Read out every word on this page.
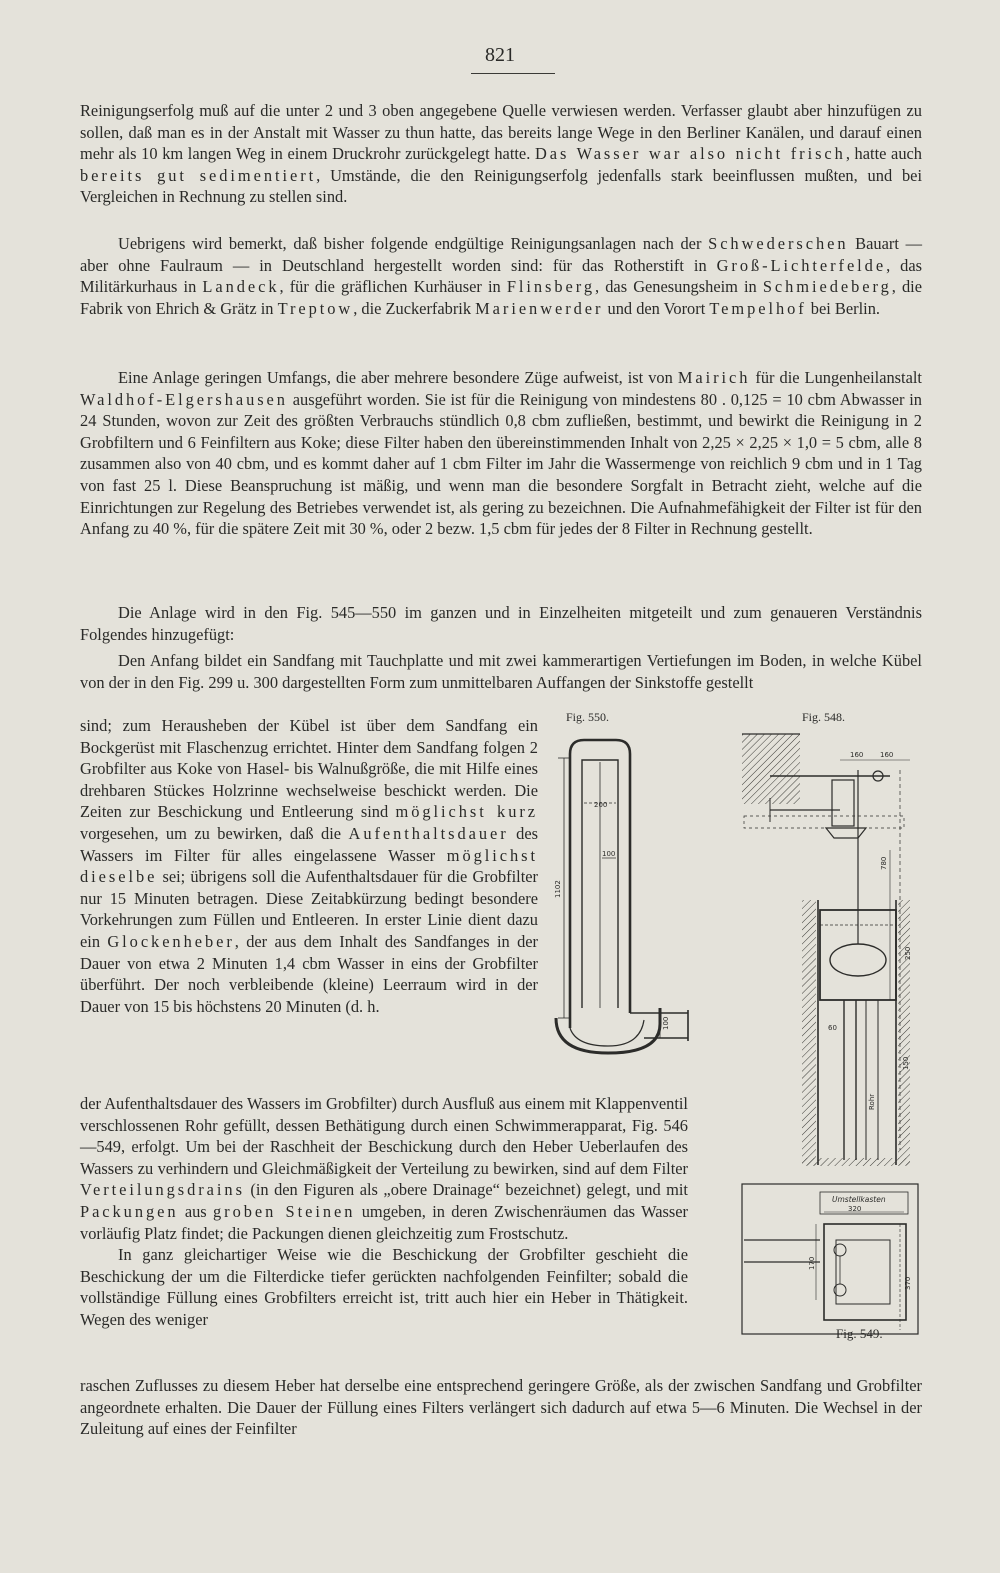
821

Reinigungserfolg muß auf die unter 2 und 3 oben angegebene Quelle verwiesen werden. Verfasser glaubt aber hinzufügen zu sollen, daß man es in der Anstalt mit Wasser zu thun hatte, das bereits lange Wege in den Berliner Kanälen, und darauf einen mehr als 10 km langen Weg in einem Druckrohr zurückgelegt hatte. Das Wasser war also nicht frisch, hatte auch bereits gut sedimentiert, Umstände, die den Reinigungserfolg jedenfalls stark beeinflussen mußten, und bei Vergleichen in Rechnung zu stellen sind.

Uebrigens wird bemerkt, daß bisher folgende endgültige Reinigungsanlagen nach der Schwederschen Bauart — aber ohne Faulraum — in Deutschland hergestellt worden sind: für das Rotherstift in Groß-Lichterfelde, das Militärkurhaus in Landeck, für die gräflichen Kurhäuser in Flinsberg, das Genesungsheim in Schmiedeberg, die Fabrik von Ehrich & Grätz in Treptow, die Zuckerfabrik Marienwerder und den Vorort Tempelhof bei Berlin.

Eine Anlage geringen Umfangs, die aber mehrere besondere Züge aufweist, ist von Mairich für die Lungenheilanstalt Waldhof-Elgershausen ausgeführt worden. Sie ist für die Reinigung von mindestens 80 . 0,125 = 10 cbm Abwasser in 24 Stunden, wovon zur Zeit des größten Verbrauchs stündlich 0,8 cbm zufließen, bestimmt, und bewirkt die Reinigung in 2 Grobfiltern und 6 Feinfiltern aus Koke; diese Filter haben den übereinstimmenden Inhalt von 2,25 × 2,25 × 1,0 = 5 cbm, alle 8 zusammen also von 40 cbm, und es kommt daher auf 1 cbm Filter im Jahr die Wassermenge von reichlich 9 cbm und in 1 Tag von fast 25 l. Diese Beanspruchung ist mäßig, und wenn man die besondere Sorgfalt in Betracht zieht, welche auf die Einrichtungen zur Regelung des Betriebes verwendet ist, als gering zu bezeichnen. Die Aufnahmefähigkeit der Filter ist für den Anfang zu 40 %, für die spätere Zeit mit 30 %, oder 2 bezw. 1,5 cbm für jedes der 8 Filter in Rechnung gestellt.

Die Anlage wird in den Fig. 545—550 im ganzen und in Einzelheiten mitgeteilt und zum genaueren Verständnis Folgendes hinzugefügt:

Den Anfang bildet ein Sandfang mit Tauchplatte und mit zwei kammerartigen Vertiefungen im Boden, in welche Kübel von der in den Fig. 299 u. 300 dargestellten Form zum unmittelbaren Auffangen der Sinkstoffe gestellt

sind; zum Herausheben der Kübel ist über dem Sandfang ein Bockgerüst mit Flaschenzug errichtet. Hinter dem Sandfang folgen 2 Grobfilter aus Koke von Hasel- bis Walnußgröße, die mit Hilfe eines drehbaren Stückes Holzrinne wechselweise beschickt werden. Die Zeiten zur Beschickung und Entleerung sind möglichst kurz vorgesehen, um zu bewirken, daß die Aufenthaltsdauer des Wassers im Filter für alles eingelassene Wasser möglichst dieselbe sei; übrigens soll die Aufenthaltsdauer für die Grobfilter nur 15 Minuten betragen. Diese Zeitabkürzung bedingt besondere Vorkehrungen zum Füllen und Entleeren. In erster Linie dient dazu ein Glockenheber, der aus dem Inhalt des Sandfanges in der Dauer von etwa 2 Minuten 1,4 cbm Wasser in eins der Grobfilter überführt. Der noch verbleibende (kleine) Leerraum wird in der Dauer von 15 bis höchstens 20 Minuten (d. h.

der Aufenthaltsdauer des Wassers im Grobfilter) durch Ausfluß aus einem mit Klappenventil verschlossenen Rohr gefüllt, dessen Bethätigung durch einen Schwimmerapparat, Fig. 546—549, erfolgt. Um bei der Raschheit der Beschickung durch den Heber Ueberlaufen des Wassers zu verhindern und Gleichmäßigkeit der Verteilung zu bewirken, sind auf dem Filter Verteilungsdrains (in den Figuren als „obere Drainage“ bezeichnet) gelegt, und mit Packungen aus groben Steinen umgeben, in deren Zwischenräumen das Wasser vorläufig Platz findet; die Packungen dienen gleichzeitig zum Frostschutz.

In ganz gleichartiger Weise wie die Beschickung der Grobfilter geschieht die Beschickung der um die Filterdicke tiefer gerückten nachfolgenden Feinfilter; sobald die vollständige Füllung eines Grobfilters erreicht ist, tritt auch hier ein Heber in Thätigkeit. Wegen des weniger

raschen Zuflusses zu diesem Heber hat derselbe eine entsprechend geringere Größe, als der zwischen Sandfang und Grobfilter angeordnete erhalten. Die Dauer der Füllung eines Filters verlängert sich dadurch auf etwa 5—6 Minuten. Die Wechsel in der Zuleitung auf eines der Feinfilter

Fig. 550.
200
100
1102
100
Fig. 548.
160 160
780
250
60
150
Rohr
Umstellkasten
320
170
370
Fig. 549.
